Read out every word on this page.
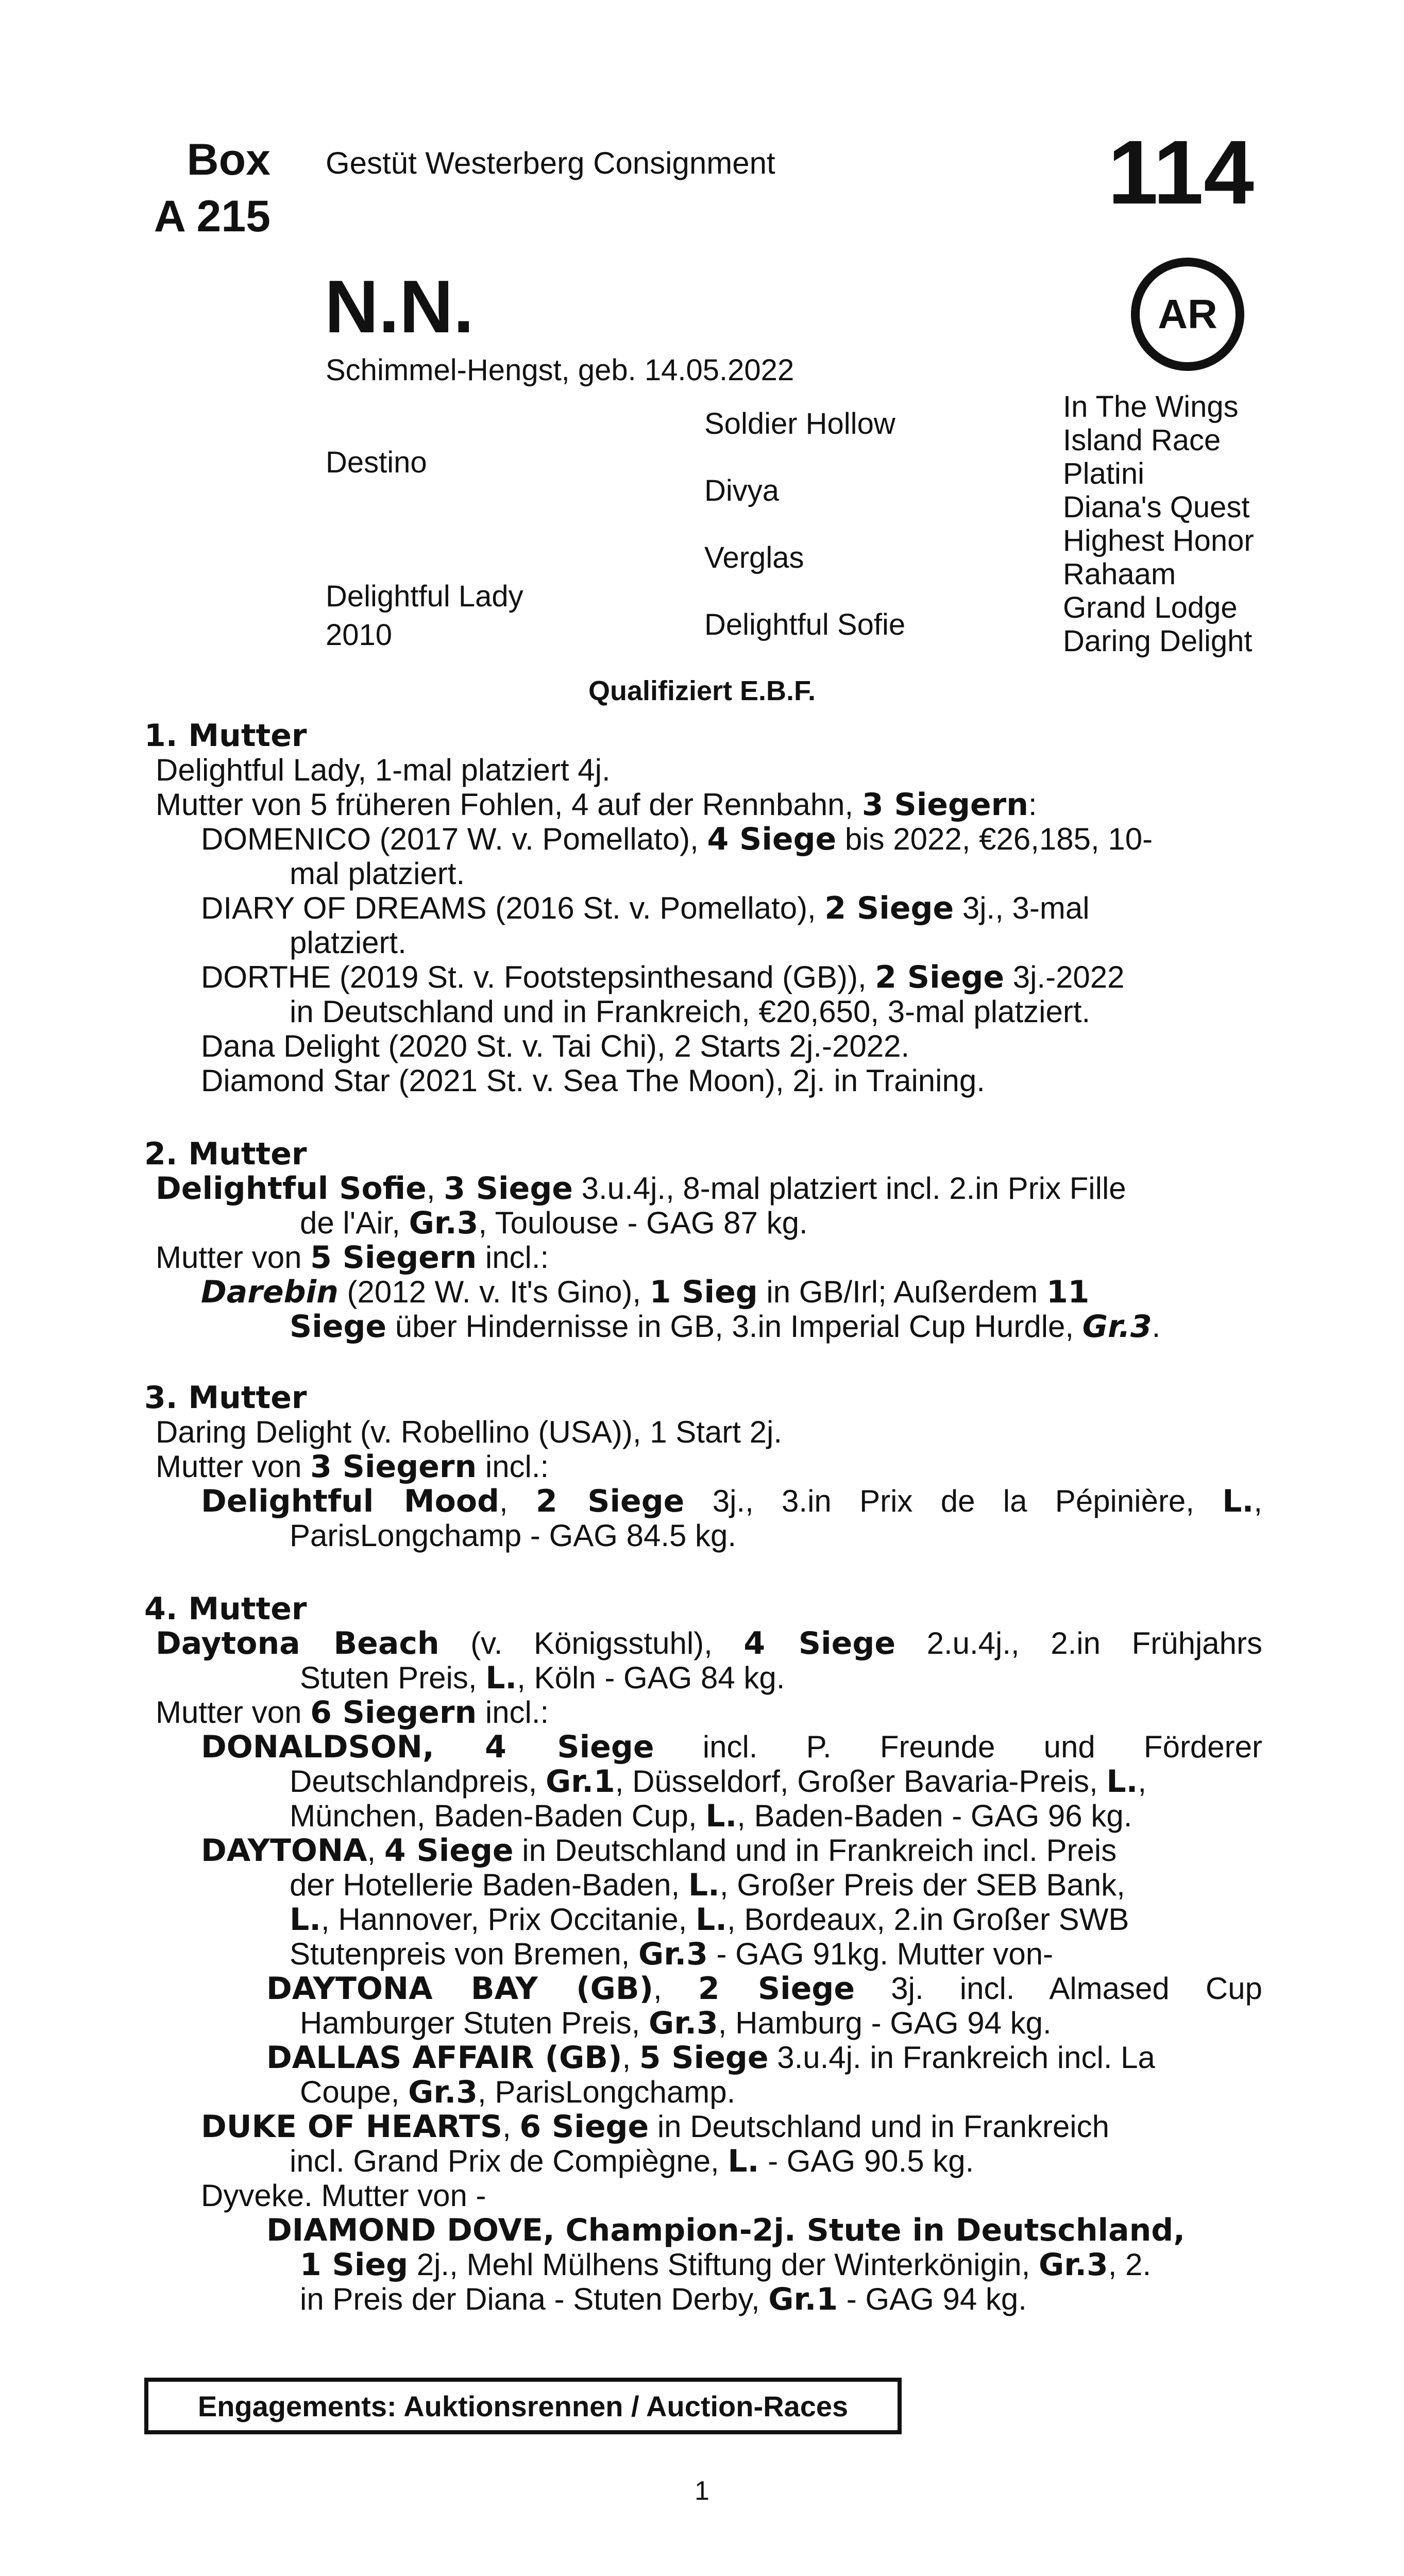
Box
A 215
Gestüt Westerberg Consignment	114
N.N.	AR
Schimmel-Hengst, geb. 14.05.2022
Destino
Delightful Lady
2010
Soldier Hollow
Divya
Verglas
Delightful Sofie
In The Wings
Island Race
Platini
Diana's Quest
Highest Honor
Rahaam
Grand Lodge
Daring Delight
Qualifiziert E.B.F.
1. Mutter
Delightful Lady, 1-mal platziert 4j.
Mutter von 5 früheren Fohlen, 4 auf der Rennbahn, 3 Siegern:
DOMENICO (2017 W. v. Pomellato), 4 Siege bis 2022, €26,185, 10-
mal platziert.
DIARY OF DREAMS (2016 St. v. Pomellato), 2 Siege 3j., 3-mal
platziert.
DORTHE (2019 St. v. Footstepsinthesand (GB)), 2 Siege 3j.-2022
in Deutschland und in Frankreich, €20,650, 3-mal platziert.
Dana Delight (2020 St. v. Tai Chi), 2 Starts 2j.-2022.
Diamond Star (2021 St. v. Sea The Moon), 2j. in Training.
2. Mutter
Delightful Sofie, 3 Siege 3.u.4j., 8-mal platziert incl. 2.in Prix Fille
de l'Air, Gr.3, Toulouse - GAG 87 kg.
Mutter von 5 Siegern incl.:
Darebin (2012 W. v. It's Gino), 1 Sieg in GB/Irl; Außerdem 11
Siege über Hindernisse in GB, 3.in Imperial Cup Hurdle, Gr.3.
3. Mutter
Daring Delight (v. Robellino (USA)), 1 Start 2j.
Mutter von 3 Siegern incl.:
Delightful Mood, 2 Siege 3j., 3.in Prix de la Pépinière, L.,
ParisLongchamp - GAG 84.5 kg.
4. Mutter
Daytona Beach (v. Königsstuhl), 4 Siege 2.u.4j., 2.in Frühjahrs
Stuten Preis, L., Köln - GAG 84 kg.
Mutter von 6 Siegern incl.:
DONALDSON, 4 Siege incl. P. Freunde und Förderer
Deutschlandpreis, Gr.1, Düsseldorf, Großer Bavaria-Preis, L.,
München, Baden-Baden Cup, L., Baden-Baden - GAG 96 kg.
DAYTONA, 4 Siege in Deutschland und in Frankreich incl. Preis
der Hotellerie Baden-Baden, L., Großer Preis der SEB Bank,
L., Hannover, Prix Occitanie, L., Bordeaux, 2.in Großer SWB
Stutenpreis von Bremen, Gr.3 - GAG 91kg. Mutter von-
DAYTONA BAY (GB), 2 Siege 3j. incl. Almased Cup
Hamburger Stuten Preis, Gr.3, Hamburg - GAG 94 kg.
DALLAS AFFAIR (GB), 5 Siege 3.u.4j. in Frankreich incl. La
Coupe, Gr.3, ParisLongchamp.
DUKE OF HEARTS, 6 Siege in Deutschland und in Frankreich
incl. Grand Prix de Compiègne, L. - GAG 90.5 kg.
Dyveke. Mutter von -
DIAMOND DOVE, Champion-2j. Stute in Deutschland,
1 Sieg 2j., Mehl Mülhens Stiftung der Winterkönigin, Gr.3, 2.
in Preis der Diana - Stuten Derby, Gr.1 - GAG 94 kg.
Engagements: Auktionsrennen / Auction-Races
1
